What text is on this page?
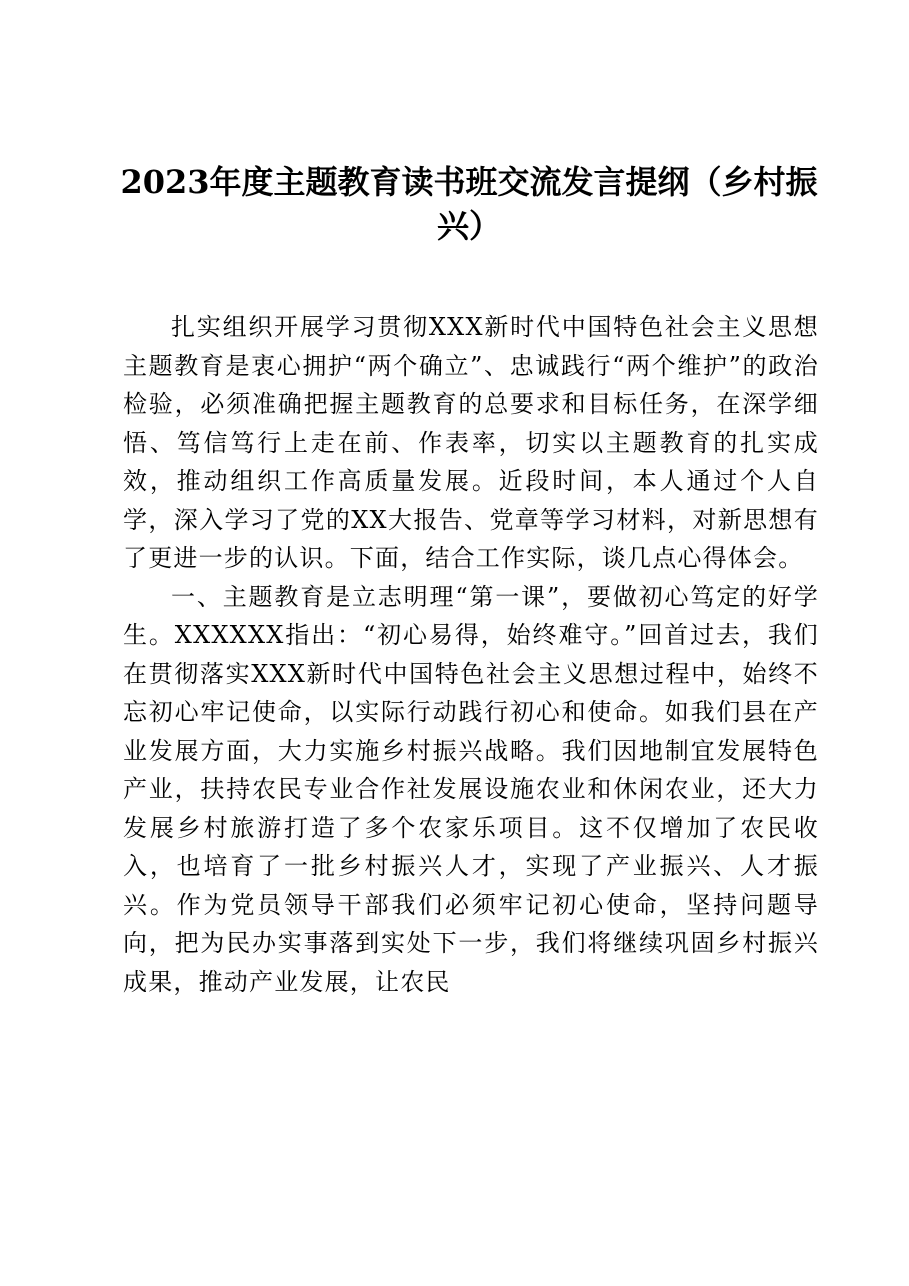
2023年度主题教育读书班交流发言提纲（乡村振兴）

扎实组织开展学习贯彻XXX新时代中国特色社会主义思想主题教育是衷心拥护“两个确立”、忠诚践行“两个维护”的政治检验，必须准确把握主题教育的总要求和目标任务，在深学细悟、笃信笃行上走在前、作表率，切实以主题教育的扎实成效，推动组织工作高质量发展。近段时间，本人通过个人自学，深入学习了党的XX大报告、党章等学习材料，对新思想有了更进一步的认识。下面，结合工作实际，谈几点心得体会。

一、主题教育是立志明理“第一课”，要做初心笃定的好学生。XXXXXX指出：“初心易得，始终难守。”回首过去，我们在贯彻落实XXX新时代中国特色社会主义思想过程中，始终不忘初心牢记使命，以实际行动践行初心和使命。如我们县在产业发展方面，大力实施乡村振兴战略。我们因地制宜发展特色产业，扶持农民专业合作社发展设施农业和休闲农业，还大力发展乡村旅游打造了多个农家乐项目。这不仅增加了农民收入，也培育了一批乡村振兴人才，实现了产业振兴、人才振兴。作为党员领导干部我们必须牢记初心使命，坚持问题导向，把为民办实事落到实处下一步，我们将继续巩固乡村振兴成果，推动产业发展，让农民
